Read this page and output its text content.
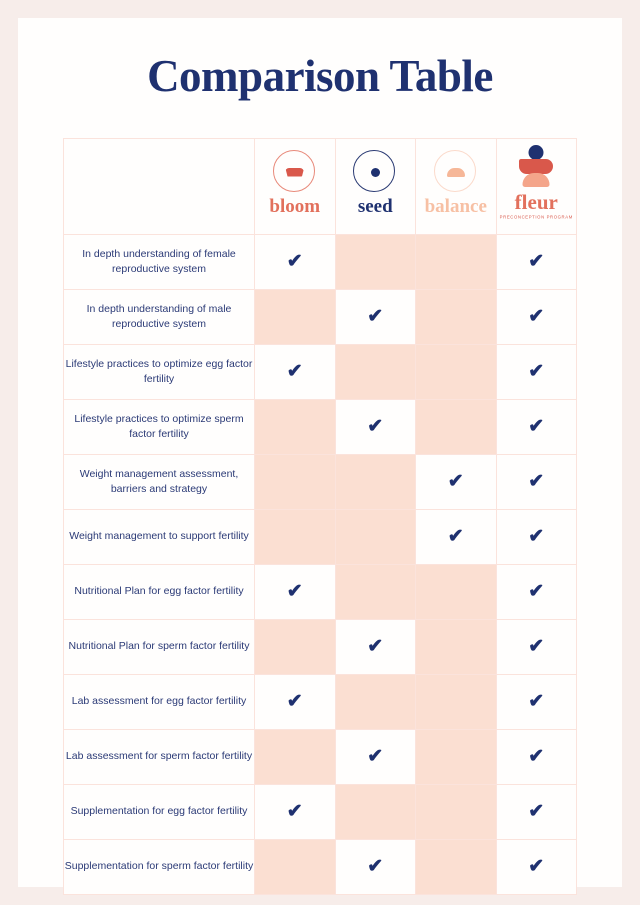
Comparison Table

	bloom	seed	balance	fleur
PRECONCEPTION PROGRAM

In depth understanding of female reproductive system	✔			✔
In depth understanding of male reproductive system		✔		✔
Lifestyle practices to optimize egg factor fertility	✔			✔
Lifestyle practices to optimize sperm factor fertility		✔		✔
Weight management assessment, barriers and strategy			✔	✔
Weight management to support fertility			✔	✔
Nutritional Plan for egg factor fertility	✔			✔
Nutritional Plan for sperm factor fertility		✔		✔
Lab assessment for egg factor fertility	✔			✔
Lab assessment for sperm factor fertility		✔		✔
Supplementation for egg factor fertility	✔			✔
Supplementation for sperm factor fertility		✔		✔
